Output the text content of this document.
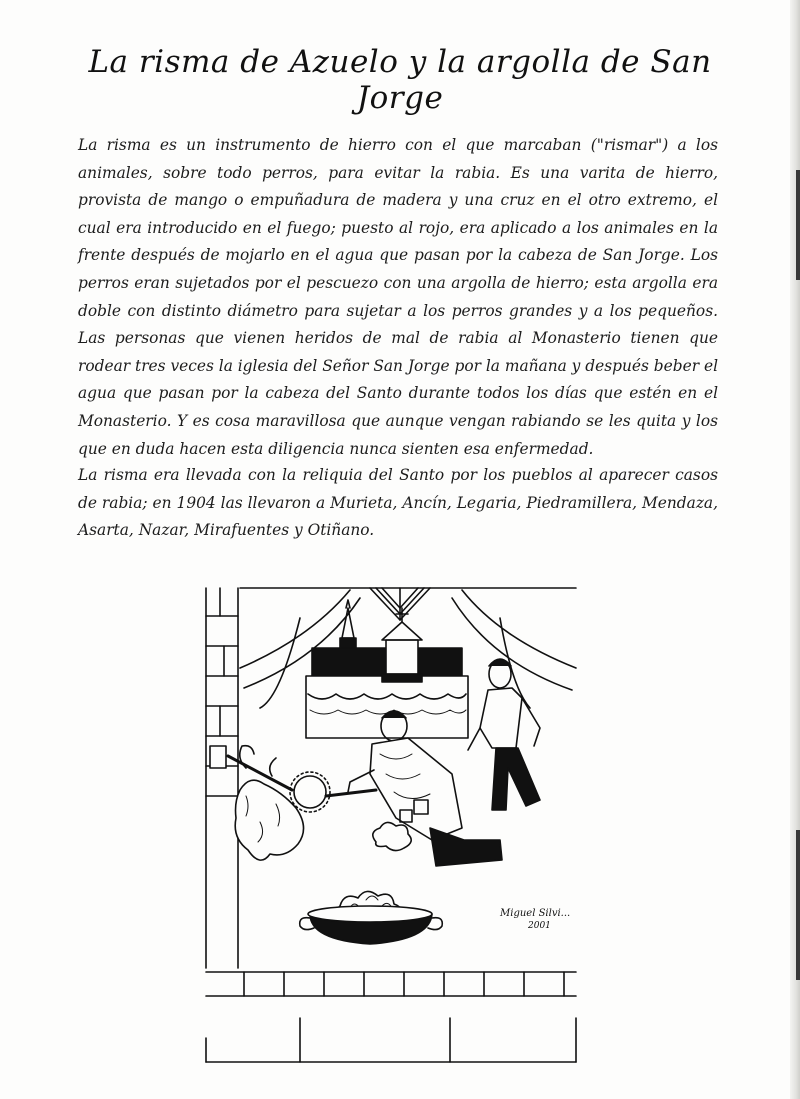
La risma de Azuelo y la argolla de San Jorge

La risma es un instrumento de hierro con el que marcaban ("rismar") a los animales, sobre todo perros, para evitar la rabia. Es una varita de hierro, provista de mango o empuñadura de madera y una cruz en el otro extremo, el cual era introducido en el fuego; puesto al rojo, era aplicado a los animales en la frente después de mojarlo en el agua que pasan por la cabeza de San Jorge. Los perros eran sujetados por el pescuezo con una argolla de hierro; esta argolla era doble con distinto diámetro para sujetar a los perros grandes y a los pequeños. Las personas que vienen heridos de mal de rabia al Monasterio tienen que rodear tres veces la iglesia del Señor San Jorge por la mañana y después beber el agua que pasan por la cabeza del Santo durante todos los días que estén en el Monasterio. Y es cosa maravillosa que aunque vengan rabiando se les quita y los que en duda hacen esta diligencia nunca sienten esa enfermedad.

La risma era llevada con la reliquia del Santo por los pueblos al aparecer casos de rabia; en 1904 las llevaron a Murieta, Ancín, Legaria, Piedramillera, Mendaza, Asarta, Nazar, Mirafuentes y Otiñano.

IHS
Miguel Silvi...
2001
